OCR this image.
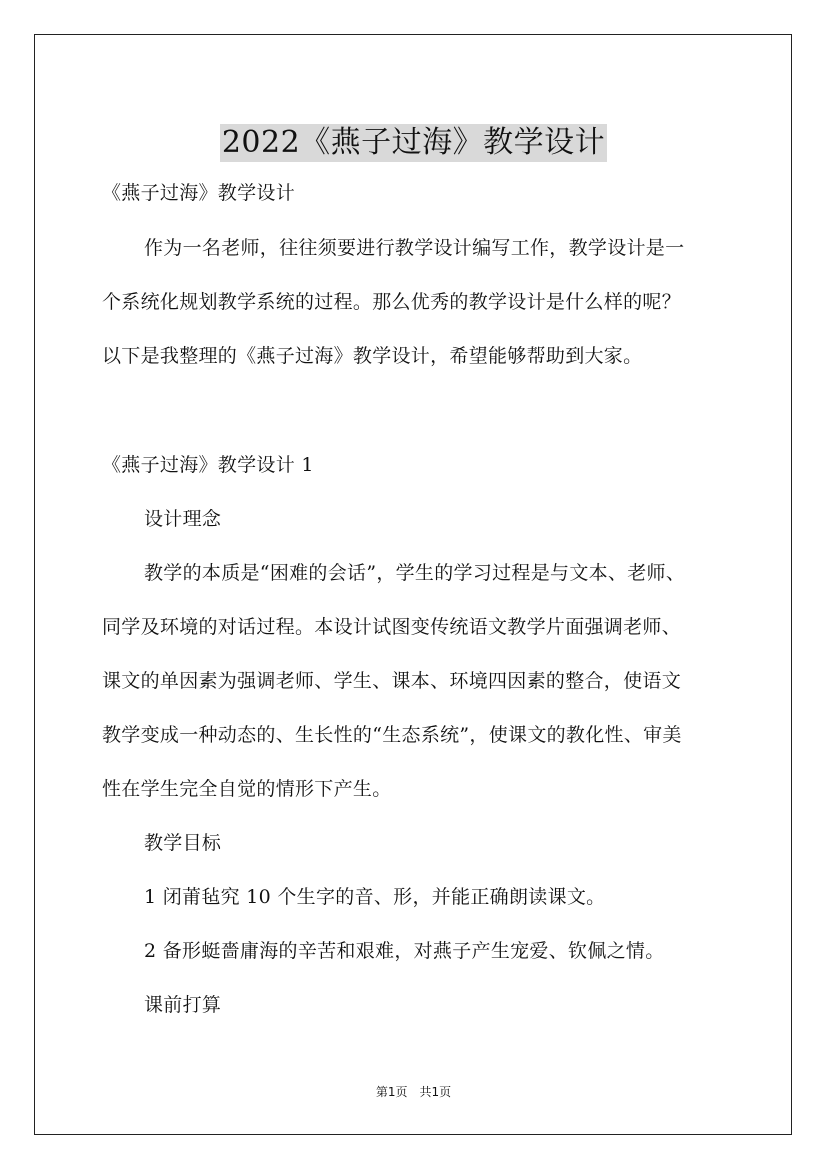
2022《燕子过海》教学设计
《燕子过海》教学设计
作为一名老师，往往须要进行教学设计编写工作，教学设计是一
个系统化规划教学系统的过程。那么优秀的教学设计是什么样的呢？
以下是我整理的《燕子过海》教学设计，希望能够帮助到大家。
《燕子过海》教学设计 1
设计理念
教学的本质是“困难的会话”，学生的学习过程是与文本、老师、
同学及环境的对话过程。本设计试图变传统语文教学片面强调老师、
课文的单因素为强调老师、学生、课本、环境四因素的整合，使语文
教学变成一种动态的、生长性的“生态系统”，使课文的教化性、审美
性在学生完全自觉的情形下产生。
教学目标
1 闭莆毡究 10 个生字的音、形，并能正确朗读课文。
2 备形蜓嗇庸海的辛苦和艰难，对燕子产生宠爱、钦佩之情。
课前打算
第1页　共1页
